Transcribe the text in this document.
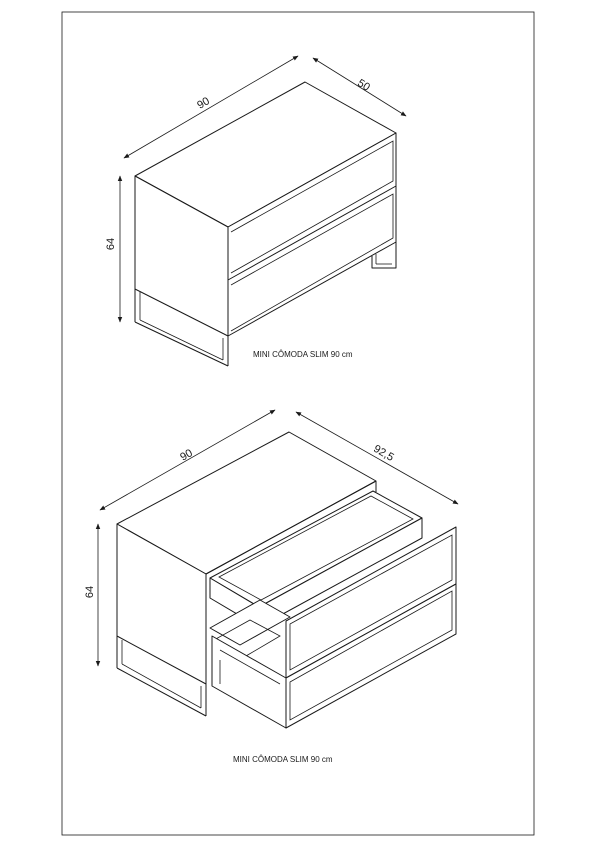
90
50
64
MINI CÔMODA SLIM 90 cm
90	92,5
64
MINI CÔMODA SLIM 90 cm
